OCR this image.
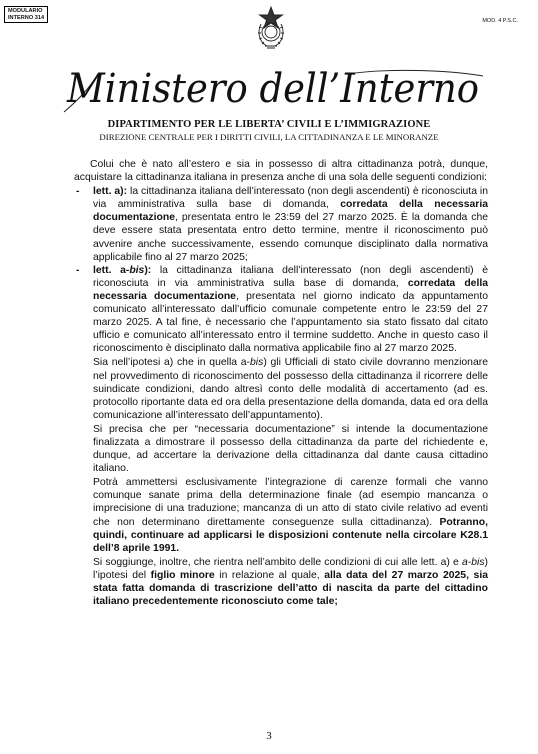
MODULARIO
INTERNO 314
MOD. 4 P.S.C.
Ministero dell’Interno
DIPARTIMENTO PER LE LIBERTA’ CIVILI E L’IMMIGRAZIONE
DIREZIONE CENTRALE PER I DIRITTI CIVILI, LA CITTADINANZA E LE MINORANZE

Colui che è nato all’estero e sia in possesso di altra cittadinanza potrà, dunque, acquistare la cittadinanza italiana in presenza anche di una sola delle seguenti condizioni:

- lett. a): la cittadinanza italiana dell’interessato (non degli ascendenti) è riconosciuta in via amministrativa sulla base di domanda, corredata della necessaria documentazione, presentata entro le 23:59 del 27 marzo 2025. È la domanda che deve essere stata presentata entro detto termine, mentre il riconoscimento può avvenire anche successivamente, essendo comunque disciplinato dalla normativa applicabile fino al 27 marzo 2025;

- lett. a-bis): la cittadinanza italiana dell’interessato (non degli ascendenti) è riconosciuta in via amministrativa sulla base di domanda, corredata della necessaria documentazione, presentata nel giorno indicato da appuntamento comunicato all’interessato dall’ufficio comunale competente entro le 23:59 del 27 marzo 2025. A tal fine, è necessario che l’appuntamento sia stato fissato dal citato ufficio e comunicato all’interessato entro il termine suddetto. Anche in questo caso il riconoscimento è disciplinato dalla normativa applicabile fino al 27 marzo 2025.

Sia nell’ipotesi a) che in quella a-bis) gli Ufficiali di stato civile dovranno menzionare nel provvedimento di riconoscimento del possesso della cittadinanza il ricorrere delle suindicate condizioni, dando altresì conto delle modalità di accertamento (ad es. protocollo riportante data ed ora della presentazione della domanda, data ed ora della comunicazione all’interessato dell’appuntamento).

Si precisa che per “necessaria documentazione” si intende la documentazione finalizzata a dimostrare il possesso della cittadinanza da parte del richiedente e, dunque, ad accertare la derivazione della cittadinanza dal dante causa cittadino italiano.

Potrà ammettersi esclusivamente l’integrazione di carenze formali che vanno comunque sanate prima della determinazione finale (ad esempio mancanza o imprecisione di una traduzione; mancanza di un atto di stato civile relativo ad eventi che non determinano direttamente conseguenze sulla cittadinanza). Potranno, quindi, continuare ad applicarsi le disposizioni contenute nella circolare K28.1 dell’8 aprile 1991.

Si soggiunge, inoltre, che rientra nell’ambito delle condizioni di cui alle lett. a) e a-bis) l’ipotesi del figlio minore in relazione al quale, alla data del 27 marzo 2025, sia stata fatta domanda di trascrizione dell’atto di nascita da parte del cittadino italiano precedentemente riconosciuto come tale;

3
